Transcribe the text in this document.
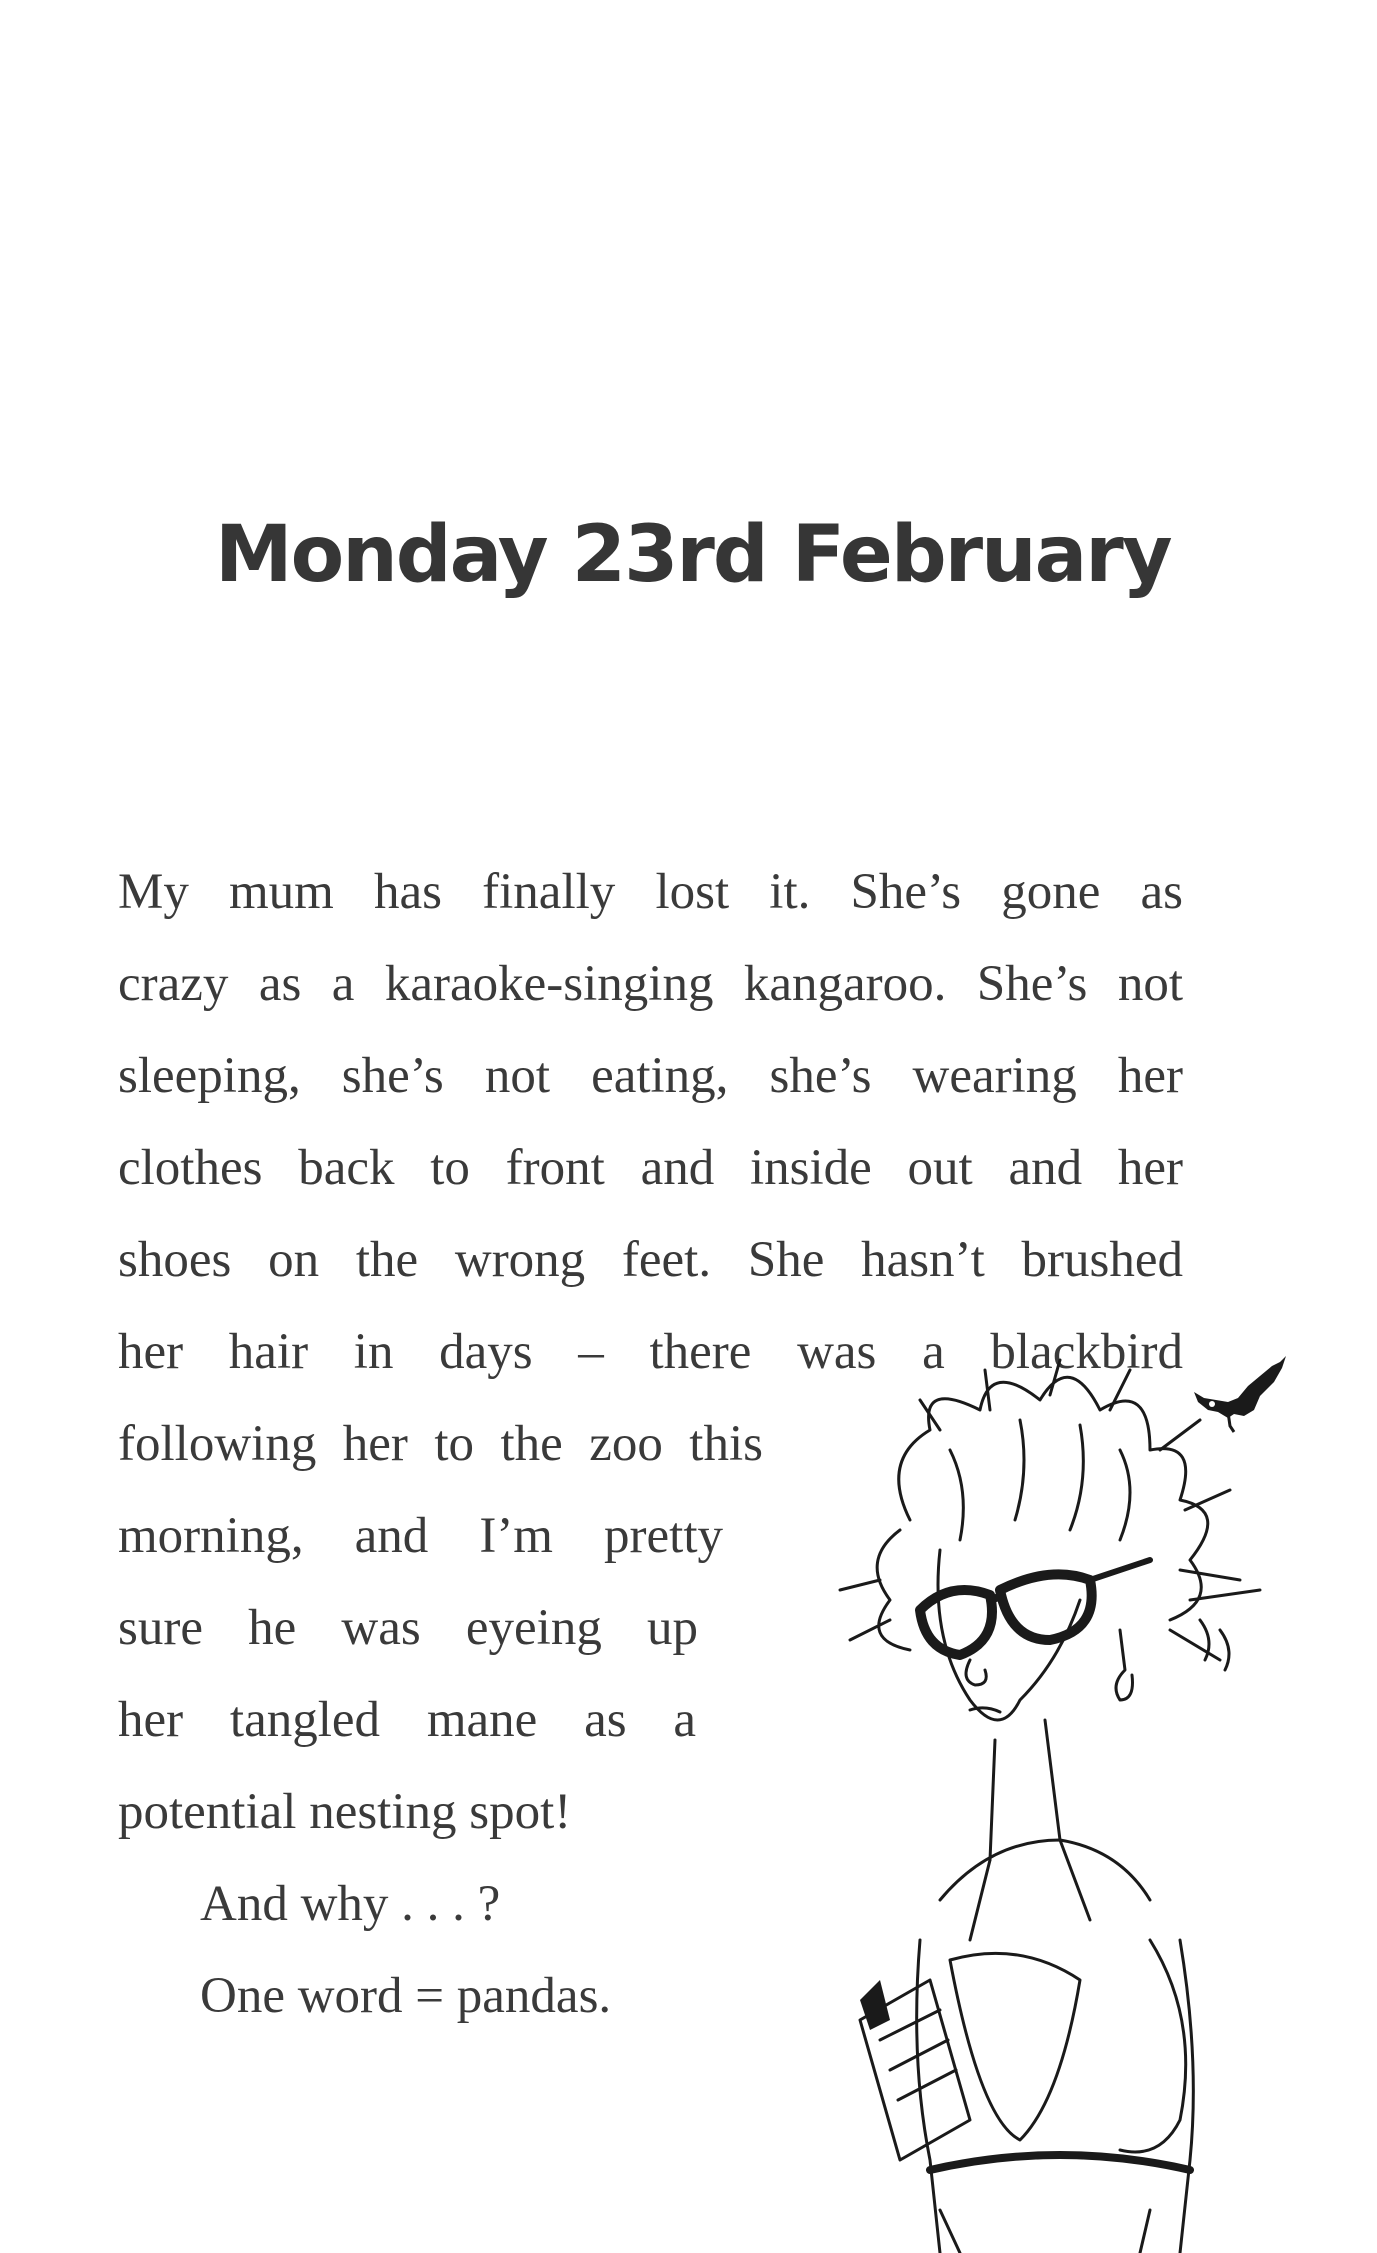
Monday 23rd February
My mum has finally lost it. She’s gone as
crazy as a karaoke-singing kangaroo. She’s not
sleeping, she’s not eating, she’s wearing her
clothes back to front and inside out and her
shoes on the wrong feet. She hasn’t brushed
her hair in days – there was a blackbird
following her to the zoo this
morning, and I’m pretty
sure he was eyeing up
her tangled mane as a
potential nesting spot!
And why . . . ?
One word = pandas.
